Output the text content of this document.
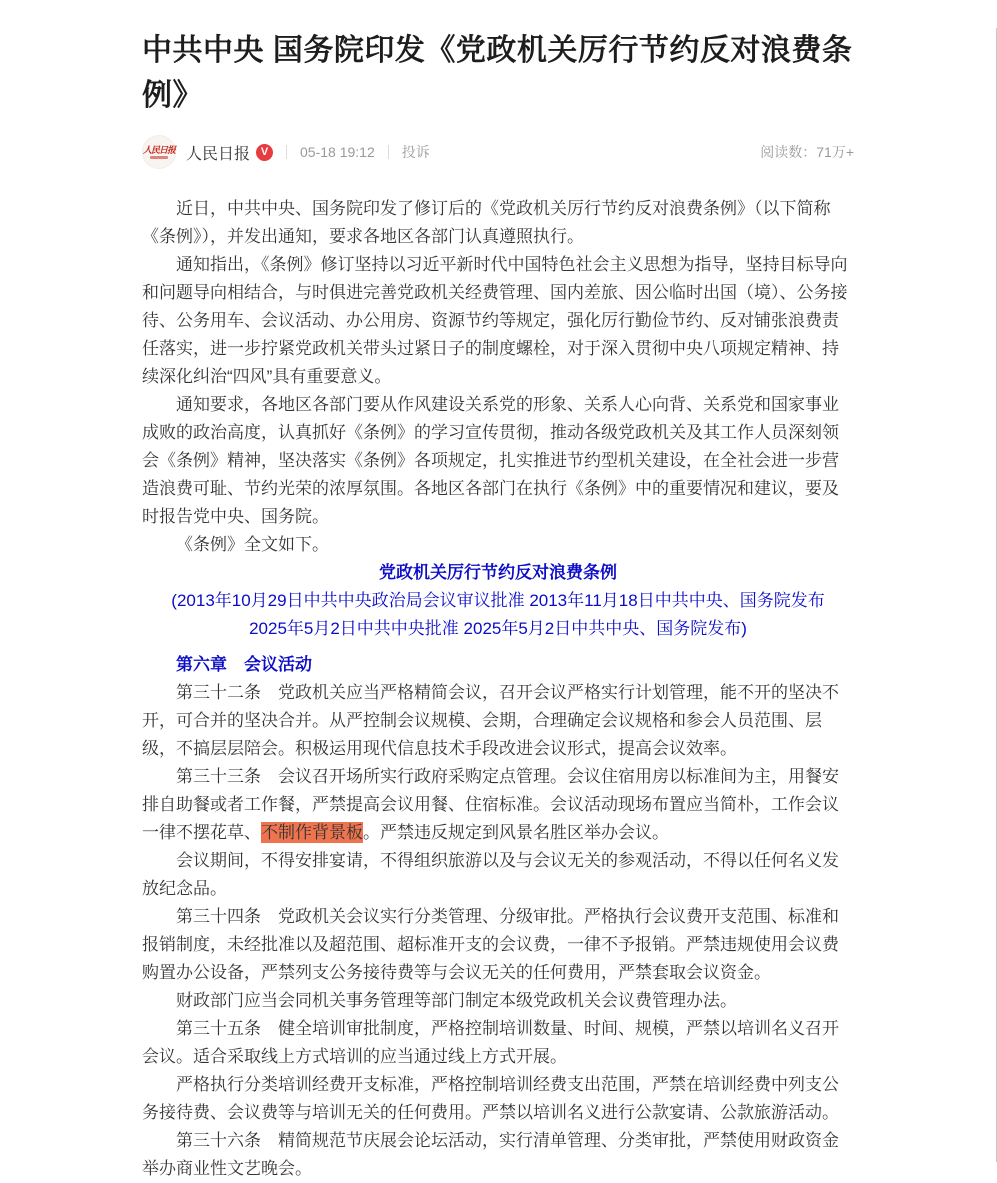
中共中央 国务院印发《党政机关厉行节约反对浪费条例》
人民日报 人民日报 V	05-18 19:12 投诉	阅读数：71万+

近日，中共中央、国务院印发了修订后的《党政机关厉行节约反对浪费条例》（以下简称《条例》），并发出通知，要求各地区各部门认真遵照执行。

通知指出，《条例》修订坚持以习近平新时代中国特色社会主义思想为指导，坚持目标导向和问题导向相结合，与时俱进完善党政机关经费管理、国内差旅、因公临时出国（境）、公务接待、公务用车、会议活动、办公用房、资源节约等规定，强化厉行勤俭节约、反对铺张浪费责任落实，进一步拧紧党政机关带头过紧日子的制度螺栓，对于深入贯彻中央八项规定精神、持续深化纠治“四风”具有重要意义。

通知要求，各地区各部门要从作风建设关系党的形象、关系人心向背、关系党和国家事业成败的政治高度，认真抓好《条例》的学习宣传贯彻，推动各级党政机关及其工作人员深刻领会《条例》精神，坚决落实《条例》各项规定，扎实推进节约型机关建设，在全社会进一步营造浪费可耻、节约光荣的浓厚氛围。各地区各部门在执行《条例》中的重要情况和建议，要及时报告党中央、国务院。

《条例》全文如下。

党政机关厉行节约反对浪费条例

(2013年10月29日中共中央政治局会议审议批准 2013年11月18日中共中央、国务院发布

2025年5月2日中共中央批准 2025年5月2日中共中央、国务院发布)

第六章　会议活动

第三十二条　党政机关应当严格精简会议，召开会议严格实行计划管理，能不开的坚决不开，可合并的坚决合并。从严控制会议规模、会期，合理确定会议规格和参会人员范围、层级，不搞层层陪会。积极运用现代信息技术手段改进会议形式，提高会议效率。

第三十三条　会议召开场所实行政府采购定点管理。会议住宿用房以标准间为主，用餐安排自助餐或者工作餐，严禁提高会议用餐、住宿标准。会议活动现场布置应当简朴，工作会议一律不摆花草、不制作背景板。严禁违反规定到风景名胜区举办会议。

会议期间，不得安排宴请，不得组织旅游以及与会议无关的参观活动，不得以任何名义发放纪念品。

第三十四条　党政机关会议实行分类管理、分级审批。严格执行会议费开支范围、标准和报销制度，未经批准以及超范围、超标准开支的会议费，一律不予报销。严禁违规使用会议费购置办公设备，严禁列支公务接待费等与会议无关的任何费用，严禁套取会议资金。

财政部门应当会同机关事务管理等部门制定本级党政机关会议费管理办法。

第三十五条　健全培训审批制度，严格控制培训数量、时间、规模，严禁以培训名义召开会议。适合采取线上方式培训的应当通过线上方式开展。

严格执行分类培训经费开支标准，严格控制培训经费支出范围，严禁在培训经费中列支公务接待费、会议费等与培训无关的任何费用。严禁以培训名义进行公款宴请、公款旅游活动。

第三十六条　精简规范节庆展会论坛活动，实行清单管理、分类审批，严禁使用财政资金举办商业性文艺晚会。
